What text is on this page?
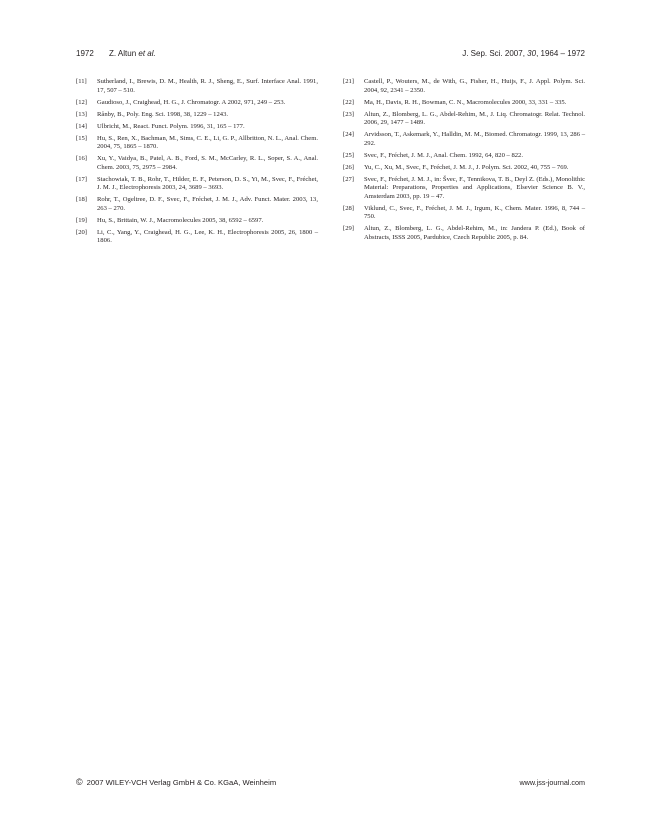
1972 Z. Altun et al.	J. Sep. Sci. 2007, 30, 1964 – 1972
[11]	Sutherland, I., Brewis, D. M., Health, R. J., Sheng, E., Surf. Interface Anal. 1991, 17, 507 – 510.
[12]	Gaudioso, J., Craighead, H. G., J. Chromatogr. A 2002, 971, 249 – 253.
[13]	Rånby, B., Poly. Eng. Sci. 1998, 38, 1229 – 1243.
[14]	Ulbricht, M., React. Funct. Polym. 1996, 31, 165 – 177.
[15]	Hu, S., Ren, X., Bachman, M., Sims, C. E., Li, G. P., Allbritton, N. L., Anal. Chem. 2004, 75, 1865 – 1870.
[16]	Xu, Y., Vaidya, B., Patel, A. B., Ford, S. M., McCarley, R. L., Soper, S. A., Anal. Chem. 2003, 75, 2975 – 2984.
[17]	Stachowiak, T. B., Rohr, T., Hilder, E. F., Peterson, D. S., Yi, M., Svec, F., Fréchet, J. M. J., Electrophoresis 2003, 24, 3689 – 3693.
[18]	Rohr, T., Ogeltree, D. F., Svec, F., Fréchet, J. M. J., Adv. Funct. Mater. 2003, 13, 263 – 270.
[19]	Hu, S., Brittain, W. J., Macromolecules 2005, 38, 6592 – 6597.
[20]	Li, C., Yang, Y., Craighead, H. G., Lee, K. H., Electrophoresis 2005, 26, 1800 – 1806.
[21]	Castell, P., Wouters, M., de With, G., Fisher, H., Huijs, F., J. Appl. Polym. Sci. 2004, 92, 2341 – 2350.
[22]	Ma, H., Davis, R. H., Bowman, C. N., Macromolecules 2000, 33, 331 – 335.
[23]	Altun, Z., Blomberg, L. G., Abdel-Rehim, M., J. Liq. Chromatogr. Relat. Technol. 2006, 29, 1477 – 1489.
[24]	Arvidsson, T., Askemark, Y., Halldin, M. M., Biomed. Chromatogr. 1999, 13, 286 – 292.
[25]	Svec, F., Fréchet, J. M. J., Anal. Chem. 1992, 64, 820 – 822.
[26]	Yu, C., Xu, M., Svec, F., Fréchet, J. M. J., J. Polym. Sci. 2002, 40, 755 – 769.
[27]	Svec, F., Fréchet, J. M. J., in: Švec, F., Tennikova, T. B., Deyl Z. (Eds.), Monolithic Material: Preparations, Properties and Applications, Elsevier Science B. V., Amsterdam 2003, pp. 19 – 47.
[28]	Viklund, C., Svec, F., Fréchet, J. M. J., Irgum, K., Chem. Mater. 1996, 8, 744 – 750.
[29]	Altun, Z., Blomberg, L. G., Abdel-Rehim, M., in: Jandera P. (Ed.), Book of Abstracts, ISSS 2005, Pardubice, Czech Republic 2005, p. 84.
© 2007 WILEY-VCH Verlag GmbH & Co. KGaA, Weinheim	www.jss-journal.com
